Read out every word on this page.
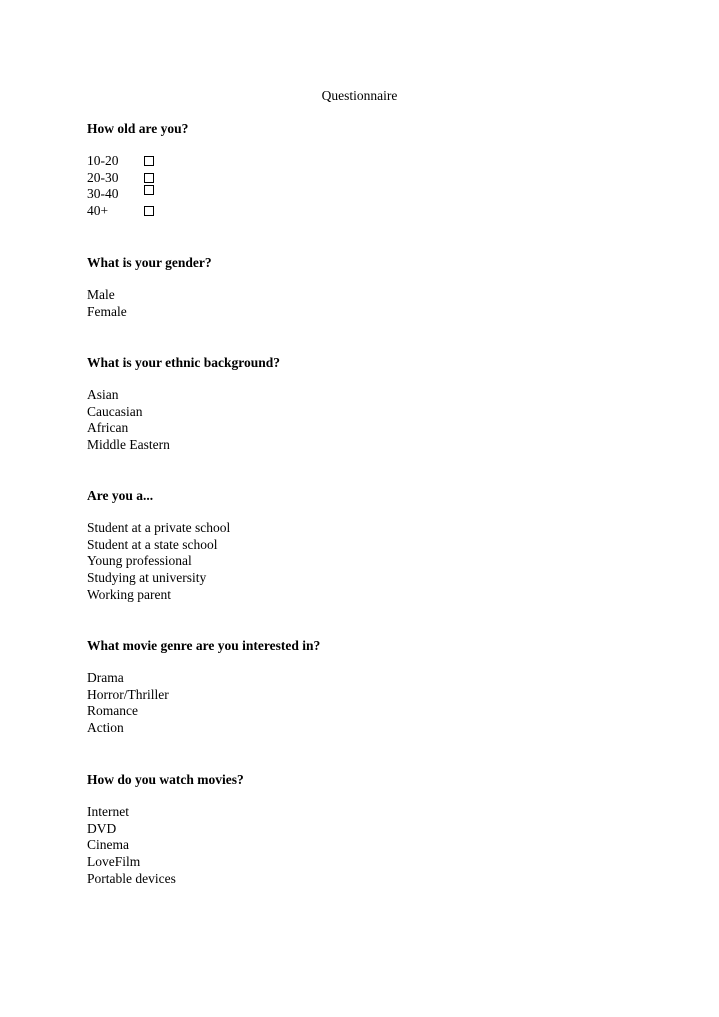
Questionnaire

How old are you?

10-20
20-30
30-40
40+

What is your gender?

Male
Female

What is your ethnic background?

Asian
Caucasian
African
Middle Eastern

Are you a...

Student at a private school
Student at a state school
Young professional
Studying at university
Working parent

What movie genre are you interested in?

Drama
Horror/Thriller
Romance
Action

How do you watch movies?

Internet
DVD
Cinema
LoveFilm
Portable devices
